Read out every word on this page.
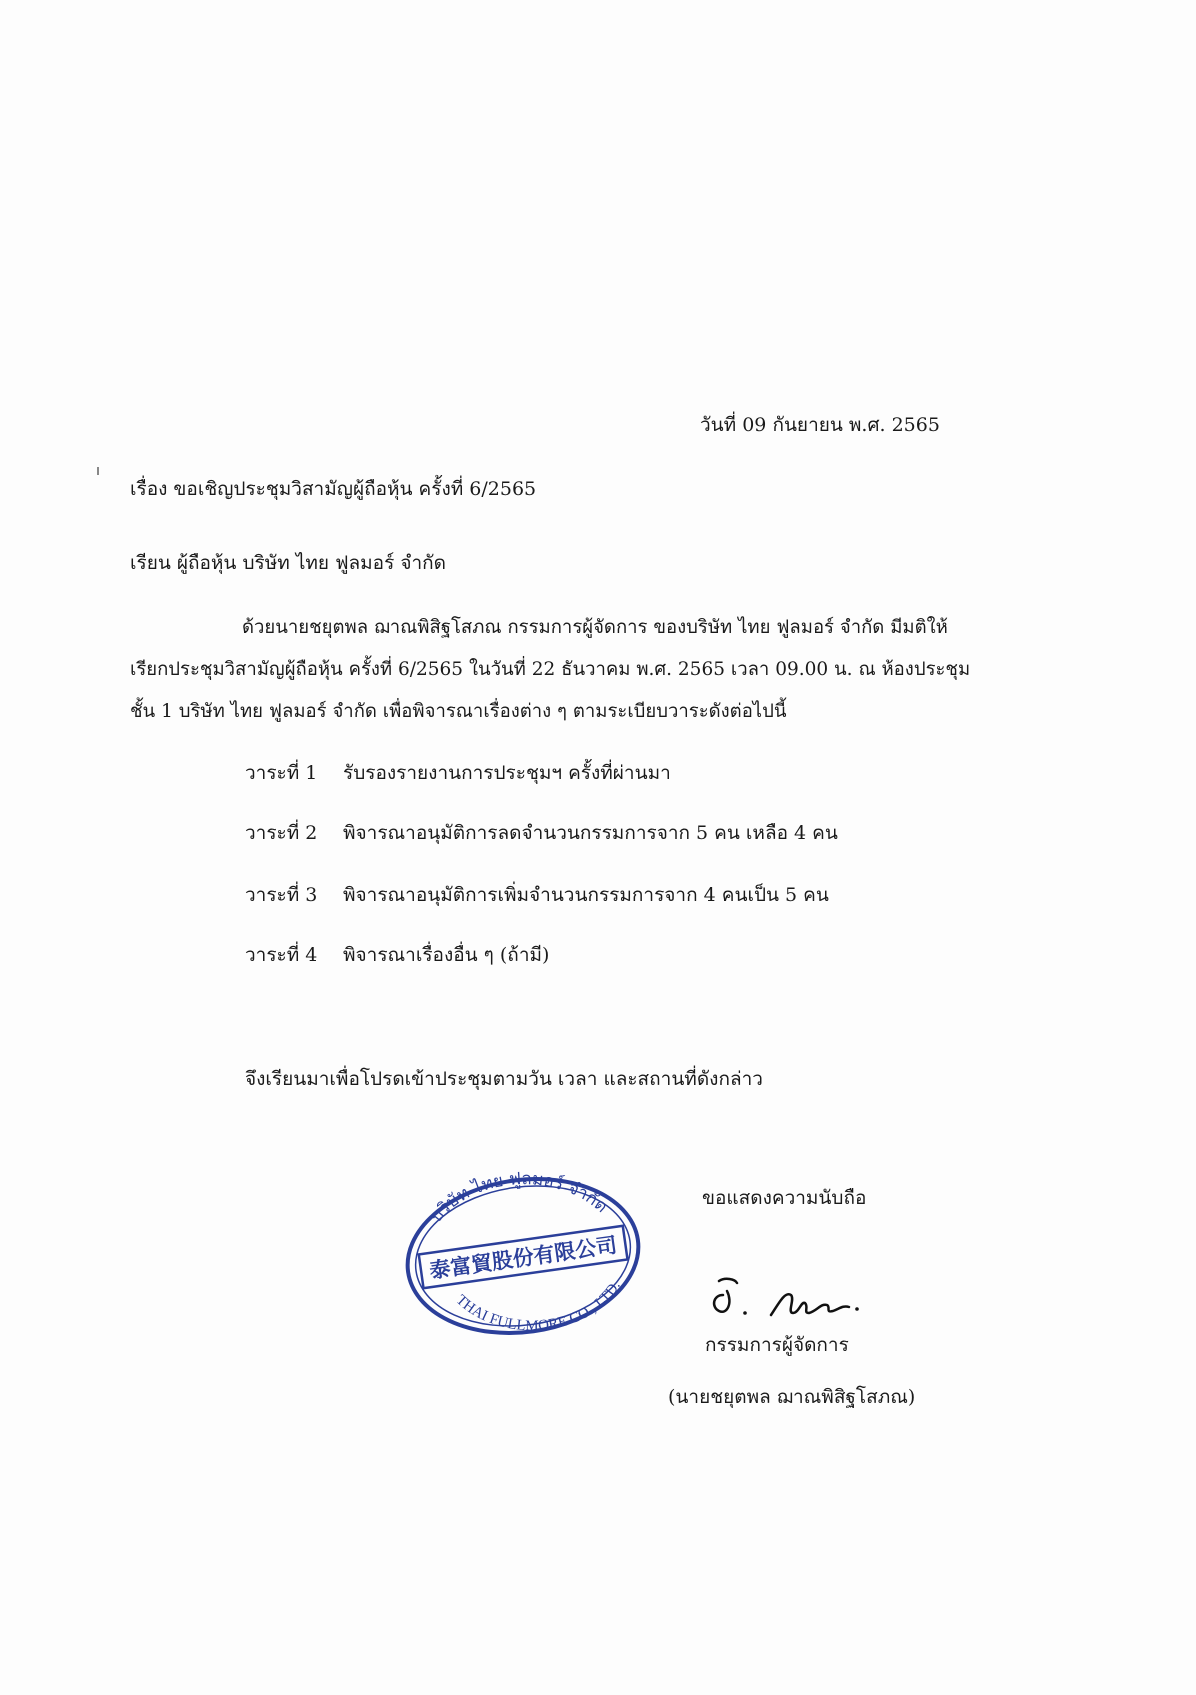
วันที่ 09 กันยายน พ.ศ. 2565
เรื่อง ขอเชิญประชุมวิสามัญผู้ถือหุ้น ครั้งที่ 6/2565
เรียน ผู้ถือหุ้น บริษัท ไทย ฟูลมอร์ จำกัด
ด้วยนายชยุตพล ฌาณพิสิฐโสภณ กรรมการผู้จัดการ ของบริษัท ไทย ฟูลมอร์ จำกัด มีมติให้
เรียกประชุมวิสามัญผู้ถือหุ้น ครั้งที่ 6/2565 ในวันที่ 22 ธันวาคม พ.ศ. 2565 เวลา 09.00 น. ณ ห้องประชุม
ชั้น 1 บริษัท ไทย ฟูลมอร์ จำกัด เพื่อพิจารณาเรื่องต่าง ๆ ตามระเบียบวาระดังต่อไปนี้
วาระที่ 1 รับรองรายงานการประชุมฯ ครั้งที่ผ่านมา
วาระที่ 2 พิจารณาอนุมัติการลดจำนวนกรรมการจาก 5 คน เหลือ 4 คน
วาระที่ 3 พิจารณาอนุมัติการเพิ่มจำนวนกรรมการจาก 4 คนเป็น 5 คน
วาระที่ 4 พิจารณาเรื่องอื่น ๆ (ถ้ามี)
จึงเรียนมาเพื่อโปรดเข้าประชุมตามวัน เวลา และสถานที่ดังกล่าว
ขอแสดงความนับถือ
บริษัท ไทย ฟูลมอร์ จำกัด
泰富貿股份有限公司
THAI FULLMORE CO., LTD.
กรรมการผู้จัดการ
(นายชยุตพล ฌาณพิสิฐโสภณ)
